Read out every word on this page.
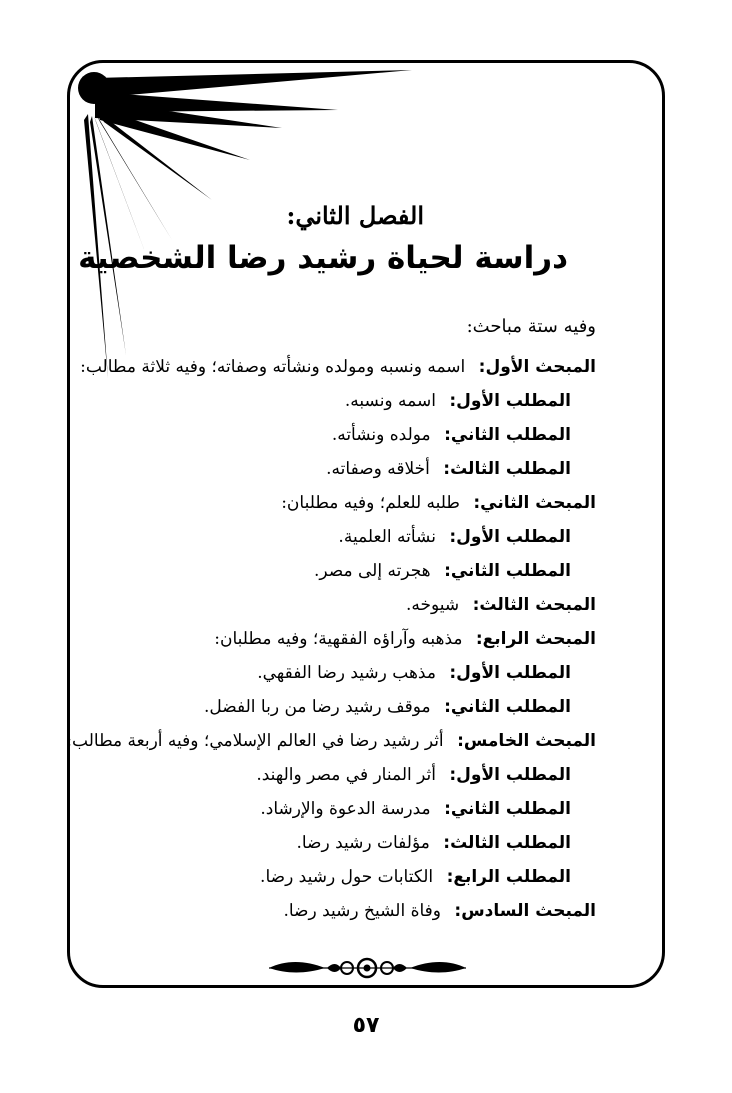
الفصل الثاني:
دراسة لحياة رشيد رضا الشخصية
وفيه ستة مباحث:
المبحث الأول: اسمه ونسبه ومولده ونشأته وصفاته؛ وفيه ثلاثة مطالب:
المطلب الأول: اسمه ونسبه.
المطلب الثاني: مولده ونشأته.
المطلب الثالث: أخلاقه وصفاته.
المبحث الثاني: طلبه للعلم؛ وفيه مطلبان:
المطلب الأول: نشأته العلمية.
المطلب الثاني: هجرته إلى مصر.
المبحث الثالث: شيوخه.
المبحث الرابع: مذهبه وآراؤه الفقهية؛ وفيه مطلبان:
المطلب الأول: مذهب رشيد رضا الفقهي.
المطلب الثاني: موقف رشيد رضا من ربا الفضل.
المبحث الخامس: أثر رشيد رضا في العالم الإسلامي؛ وفيه أربعة مطالب:
المطلب الأول: أثر المنار في مصر والهند.
المطلب الثاني: مدرسة الدعوة والإرشاد.
المطلب الثالث: مؤلفات رشيد رضا.
المطلب الرابع: الكتابات حول رشيد رضا.
المبحث السادس: وفاة الشيخ رشيد رضا.
٥٧
